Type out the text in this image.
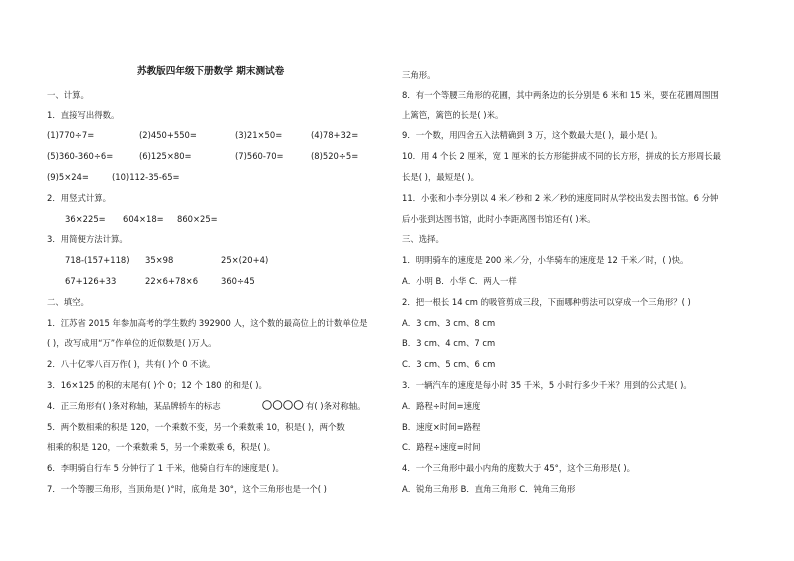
苏教版四年级下册数学 期末测试卷
一、计算。
1．直接写出得数。
(1)770÷7=	(2)450+550=	(3)21×50=	(4)78+32=
(5)360-360÷6=	(6)125×80=	(7)560-70=	(8)520÷5=
(9)5×24=	(10)112-35-65=
2．用竖式计算。
36×225= 604×18= 860×25=
3．用简便方法计算。
718-(157+118) 35×98	25×(20+4)
67+126+33	22×6+78×6	360÷45
二、填空。
1．江苏省 2015 年参加高考的学生数约 392900 人，这个数的最高位上的计数单位是
( )，改写成用“万”作单位的近似数是( )万人。
2．八十亿零八百万作( )，共有( )个 0 不读。
3．16×125 的积的末尾有( )个 0；12 个 180 的和是( )。
4．正三角形有( )条对称轴，某品牌轿车的标志	有( )条对称轴。
5．两个数相乘的积是 120，一个乘数不变，另一个乘数乘 10，积是( )，两个数
相乘的积是 120，一个乘数乘 5，另一个乘数乘 6，积是( )。
6．李明骑自行车 5 分钟行了 1 千米，他骑自行车的速度是( )。
7．一个等腰三角形，当顶角是( )°时，底角是 30°，这个三角形也是一个( )
三角形。
8．有一个等腰三角形的花圃，其中两条边的长分别是 6 米和 15 米，要在花圃周围围
上篱笆，篱笆的长是( )米。
9．一个数，用四舍五入法精确到 3 万，这个数最大是( )，最小是( )。
10．用 4 个长 2 厘米，宽 1 厘米的长方形能拼成不同的长方形，拼成的长方形周长最
长是( )，最短是( )。
11．小张和小李分别以 4 米／秒和 2 米／秒的速度同时从学校出发去图书馆。6 分钟
后小张到达图书馆，此时小李距离图书馆还有( )米。
三、选择。
1．明明骑车的速度是 200 米／分，小华骑车的速度是 12 千米／时，( )快。
A．小明 B．小华 C．两人一样
2．把一根长 14 cm 的吸管剪成三段，下面哪种剪法可以穿成一个三角形？( )
A．3 cm、3 cm、8 cm
B．3 cm、4 cm、7 cm
C．3 cm、5 cm、6 cm
3．一辆汽车的速度是每小时 35 千米，5 小时行多少千米？用到的公式是( )。
A．路程÷时间=速度
B．速度×时间=路程
C．路程÷速度=时间
4．一个三角形中最小内角的度数大于 45°，这个三角形是( )。
A．锐角三角形 B．直角三角形 C．钝角三角形
